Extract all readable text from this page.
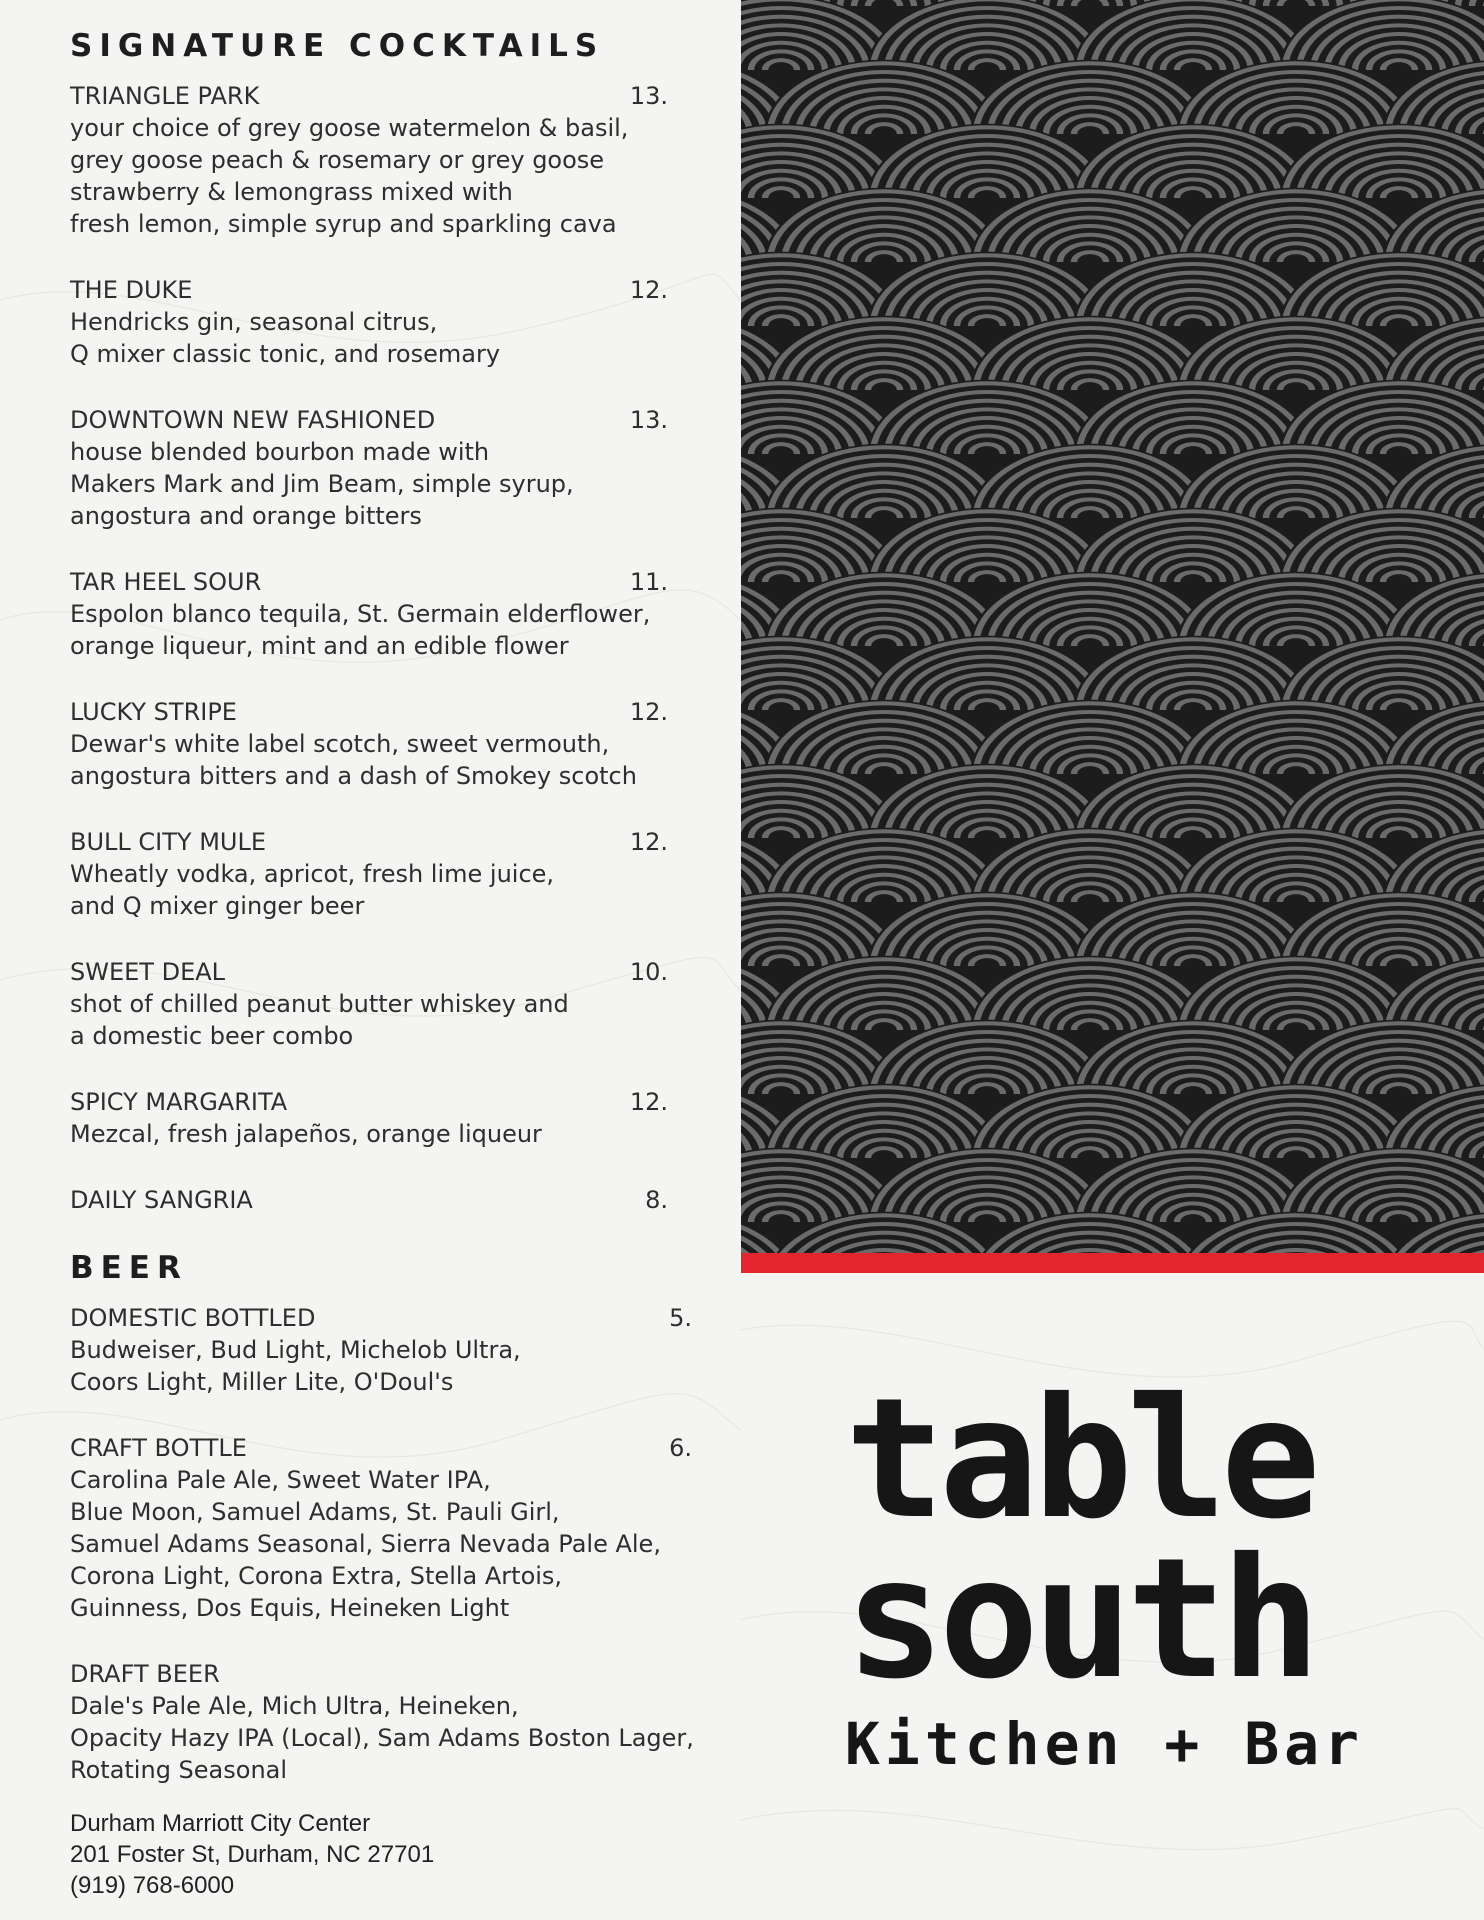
SIGNATURE COCKTAILS
TRIANGLE PARK	13.
your choice of grey goose watermelon & basil,
grey goose peach & rosemary or grey goose
strawberry & lemongrass mixed with
fresh lemon, simple syrup and sparkling cava
THE DUKE	12.
Hendricks gin, seasonal citrus,
Q mixer classic tonic, and rosemary
DOWNTOWN NEW FASHIONED	13.
house blended bourbon made with
Makers Mark and Jim Beam, simple syrup,
angostura and orange bitters
TAR HEEL SOUR	11.
Espolon blanco tequila, St. Germain elderflower,
orange liqueur, mint and an edible flower
LUCKY STRIPE	12.
Dewar's white label scotch, sweet vermouth,
angostura bitters and a dash of Smokey scotch
BULL CITY MULE	12.
Wheatly vodka, apricot, fresh lime juice,
and Q mixer ginger beer
SWEET DEAL	10.
shot of chilled peanut butter whiskey and
a domestic beer combo
SPICY MARGARITA	12.
Mezcal, fresh jalapeños, orange liqueur
DAILY SANGRIA	8.
BEER
DOMESTIC BOTTLED	5.
Budweiser, Bud Light, Michelob Ultra,
Coors Light, Miller Lite, O'Doul's
CRAFT BOTTLE	6.
Carolina Pale Ale, Sweet Water IPA,
Blue Moon, Samuel Adams, St. Pauli Girl,
Samuel Adams Seasonal, Sierra Nevada Pale Ale,
Corona Light, Corona Extra, Stella Artois,
Guinness, Dos Equis, Heineken Light
DRAFT BEER
Dale's Pale Ale, Mich Ultra, Heineken,
Opacity Hazy IPA (Local), Sam Adams Boston Lager,
Rotating Seasonal
Durham Marriott City Center
201 Foster St, Durham, NC 27701
(919) 768-6000
table
south
Kitchen + Bar
